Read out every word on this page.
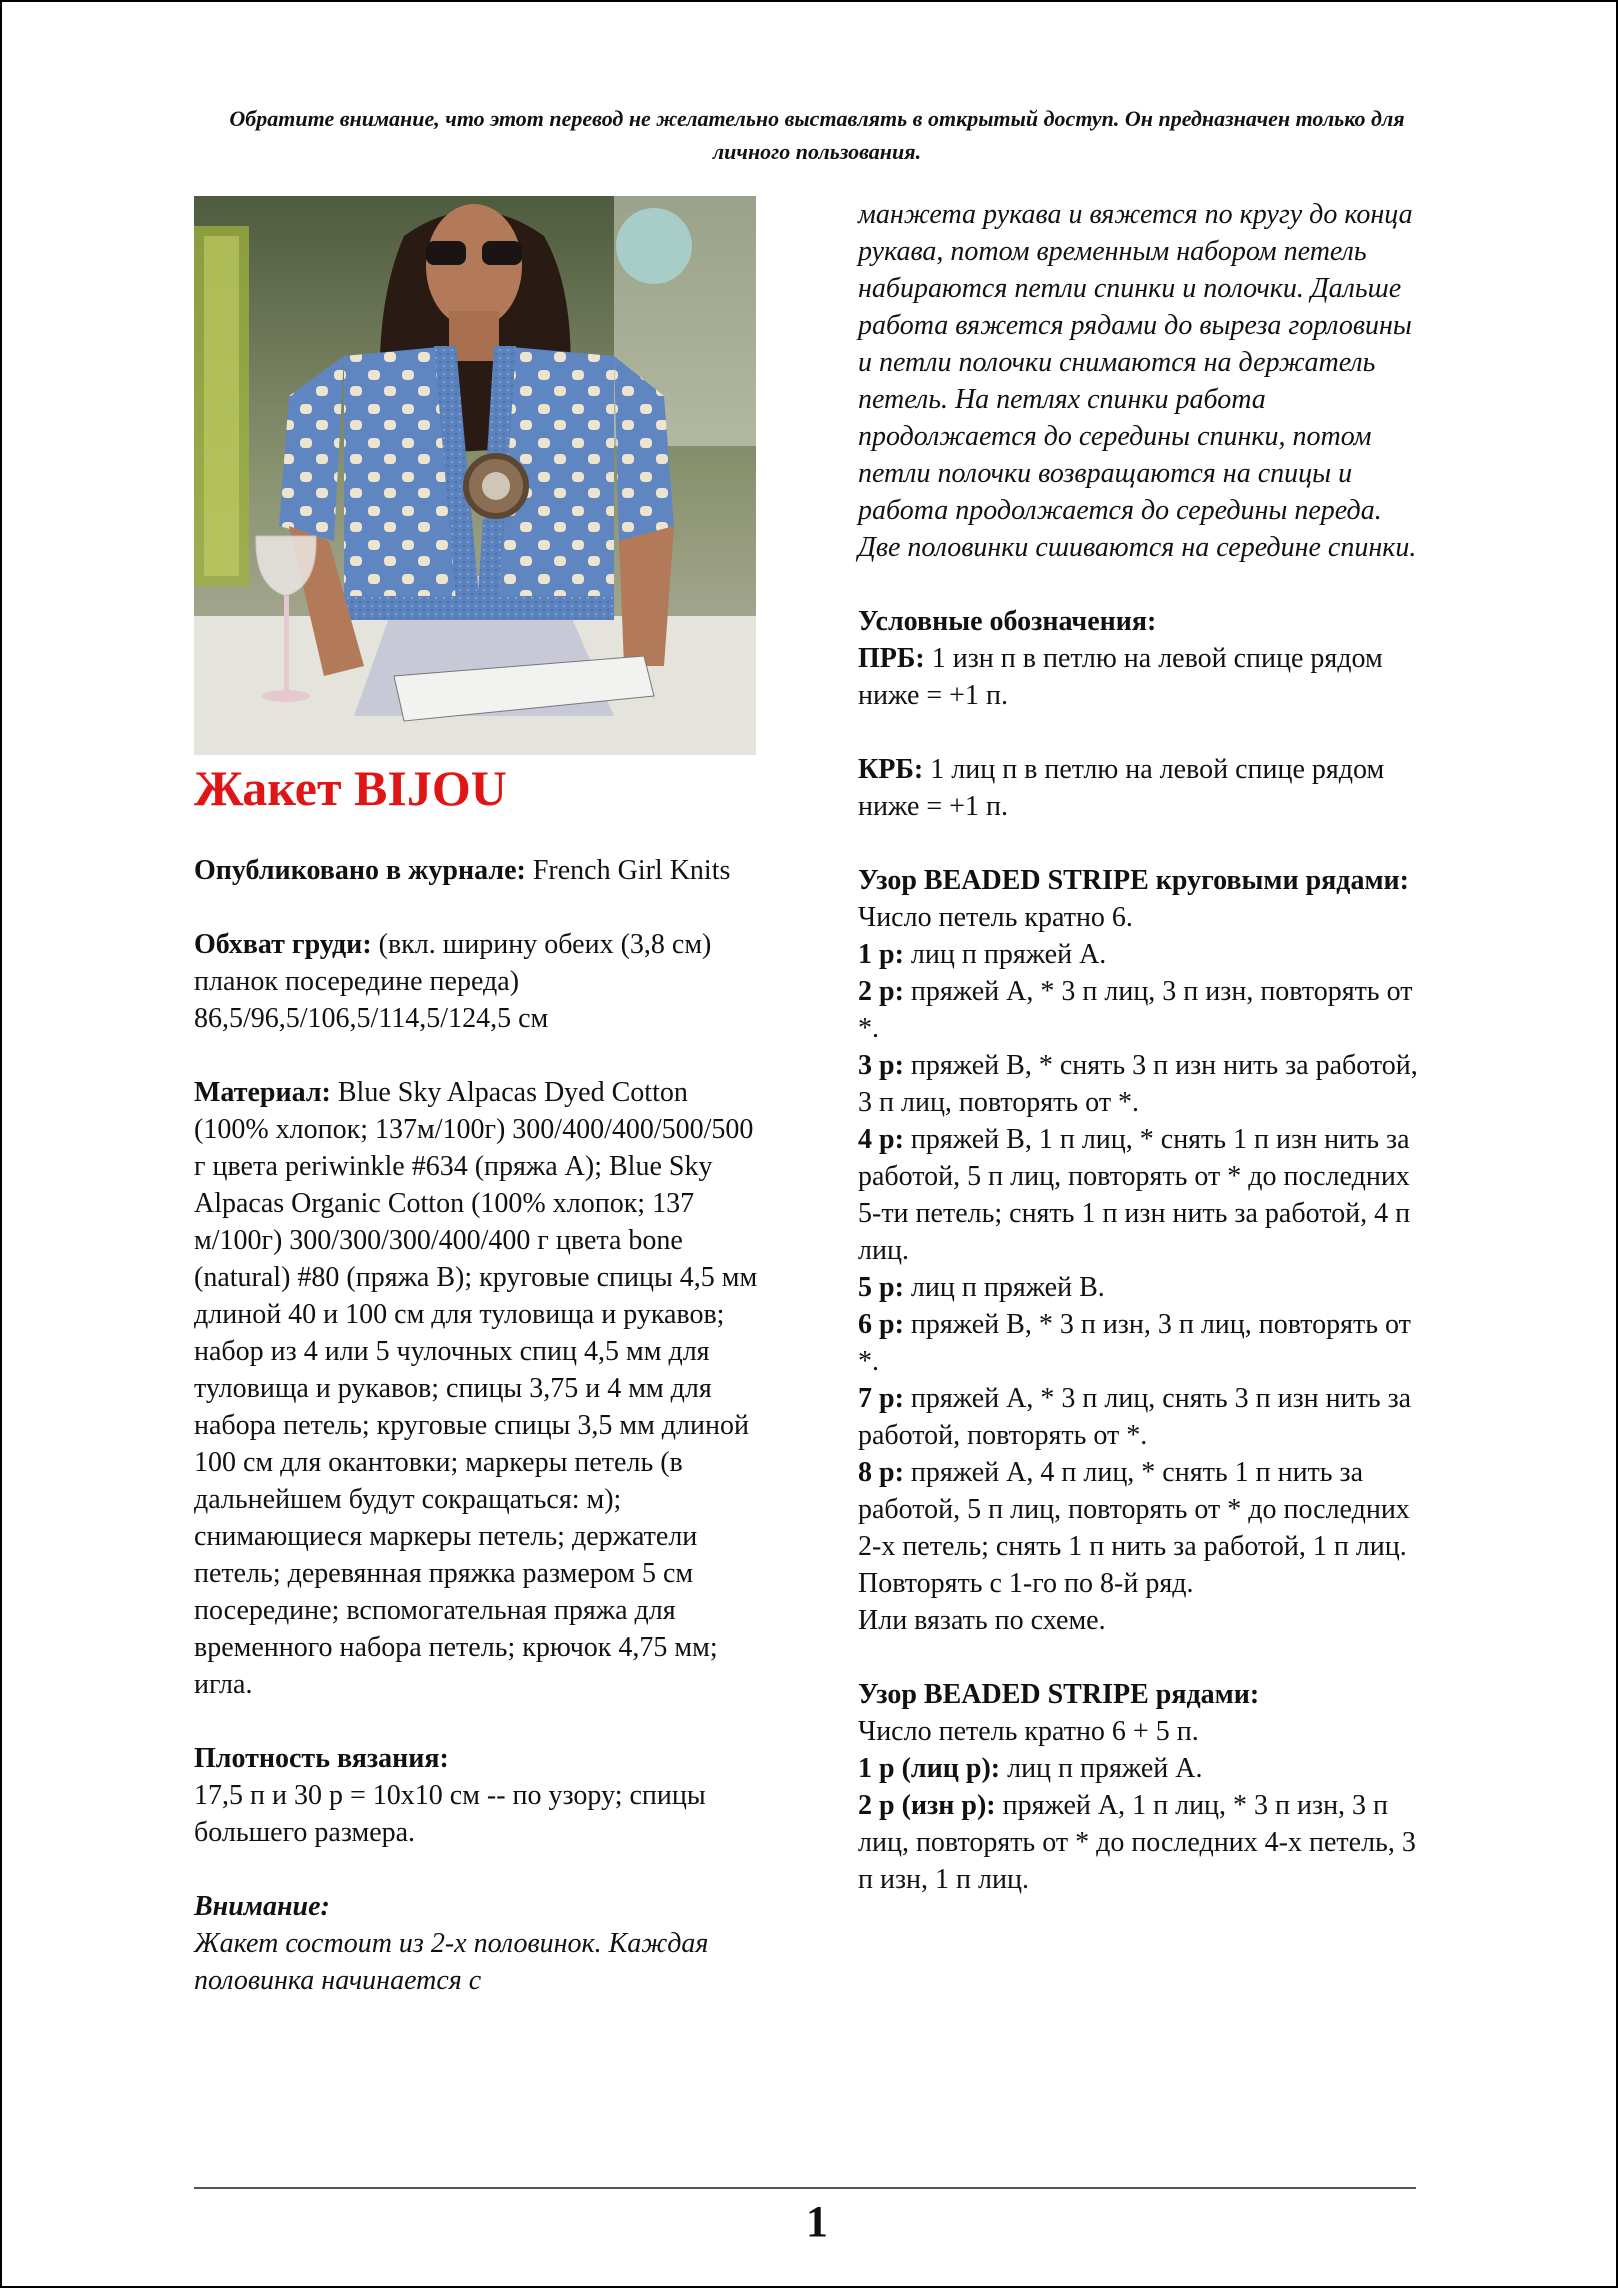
Обратите внимание, что этот перевод не желательно выставлять в открытый доступ. Он предназначен только для личного пользования.
Жакет BIJOU
Опубликовано в журнале: French Girl Knits
Обхват груди: (вкл. ширину обеих (3,8 см) планок посередине переда) 86,5/96,5/106,5/114,5/124,5 см
Материал: Blue Sky Alpacas Dyed Cotton (100% хлопок; 137м/100г) 300/400/400/500/500 г цвета periwinkle #634 (пряжа А); Blue Sky Alpacas Organic Cotton (100% хлопок; 137 м/100г) 300/300/300/400/400 г цвета bone (natural) #80 (пряжа В); круговые спицы 4,5 мм длиной 40 и 100 см для туловища и рукавов; набор из 4 или 5 чулочных спиц 4,5 мм для туловища и рукавов; спицы 3,75 и 4 мм для набора петель; круговые спицы 3,5 мм длиной 100 см для окантовки; маркеры петель (в дальнейшем будут сокращаться: м); снимающиеся маркеры петель; держатели петель; деревянная пряжка размером 5 см посередине; вспомогательная пряжа для временного набора петель; крючок 4,75 мм; игла.
Плотность вязания:
17,5 п и 30 р = 10х10 см -- по узору; спицы большего размера.
Внимание:
Жакет состоит из 2-х половинок. Каждая половинка начинается с
манжета рукава и вяжется по кругу до конца рукава, потом временным набором петель набираются петли спинки и полочки. Дальше работа вяжется рядами до выреза горловины и петли полочки снимаются на держатель петель. На петлях спинки работа продолжается до середины спинки, потом петли полочки возвращаются на спицы и работа продолжается до середины переда. Две половинки сшиваются на середине спинки.
Условные обозначения:
ПРБ: 1 изн п в петлю на левой спице рядом ниже = +1 п.
КРБ: 1 лиц п в петлю на левой спице рядом ниже = +1 п.
Узор BEADED STRIPE круговыми рядами:
Число петель кратно 6.
1 р: лиц п пряжей А.
2 р: пряжей А, * 3 п лиц, 3 п изн, повторять от *.
3 р: пряжей В, * снять 3 п изн нить за работой, 3 п лиц, повторять от *.
4 р: пряжей В, 1 п лиц, * снять 1 п изн нить за работой, 5 п лиц, повторять от * до последних 5-ти петель; снять 1 п изн нить за работой, 4 п лиц.
5 р: лиц п пряжей В.
6 р: пряжей В, * 3 п изн, 3 п лиц, повторять от *.
7 р: пряжей А, * 3 п лиц, снять 3 п изн нить за работой, повторять от *.
8 р: пряжей А, 4 п лиц, * снять 1 п нить за работой, 5 п лиц, повторять от * до последних 2-х петель; снять 1 п нить за работой, 1 п лиц.
Повторять с 1-го по 8-й ряд.
Или вязать по схеме.
Узор BEADED STRIPE рядами:
Число петель кратно 6 + 5 п.
1 р (лиц р): лиц п пряжей А.
2 р (изн р): пряжей А, 1 п лиц, * 3 п изн, 3 п лиц, повторять от * до последних 4-х петель, 3 п изн, 1 п лиц.
1
